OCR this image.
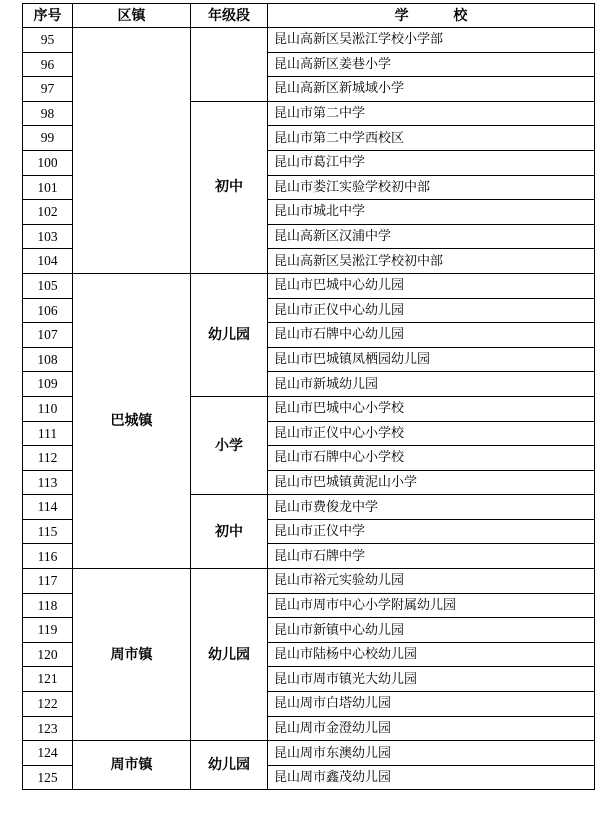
序号	区镇	年级段	学 校
95			昆山高新区吴淞江学校小学部
96			昆山高新区姜巷小学
97			昆山高新区新城域小学
98		初中	昆山市第二中学
99			昆山市第二中学西校区
100			昆山市葛江中学
101			昆山市娄江实验学校初中部
102			昆山市城北中学
103			昆山高新区汉浦中学
104			昆山高新区吴淞江学校初中部
105	巴城镇	幼儿园	昆山市巴城中心幼儿园
106			昆山市正仪中心幼儿园
107			昆山市石牌中心幼儿园
108			昆山市巴城镇凤栖园幼儿园
109			昆山市新城幼儿园
110		小学	昆山市巴城中心小学校
111			昆山市正仪中心小学校
112			昆山市石牌中心小学校
113			昆山市巴城镇黄泥山小学
114		初中	昆山市费俊龙中学
115			昆山市正仪中学
116			昆山市石牌中学
117	周市镇	幼儿园	昆山市裕元实验幼儿园
118			昆山市周市中心小学附属幼儿园
119			昆山市新镇中心幼儿园
120			昆山市陆杨中心校幼儿园
121			昆山市周市镇光大幼儿园
122			昆山周市白塔幼儿园
123			昆山周市金澄幼儿园
124	周市镇	幼儿园	昆山周市东澳幼儿园
125			昆山周市鑫茂幼儿园
